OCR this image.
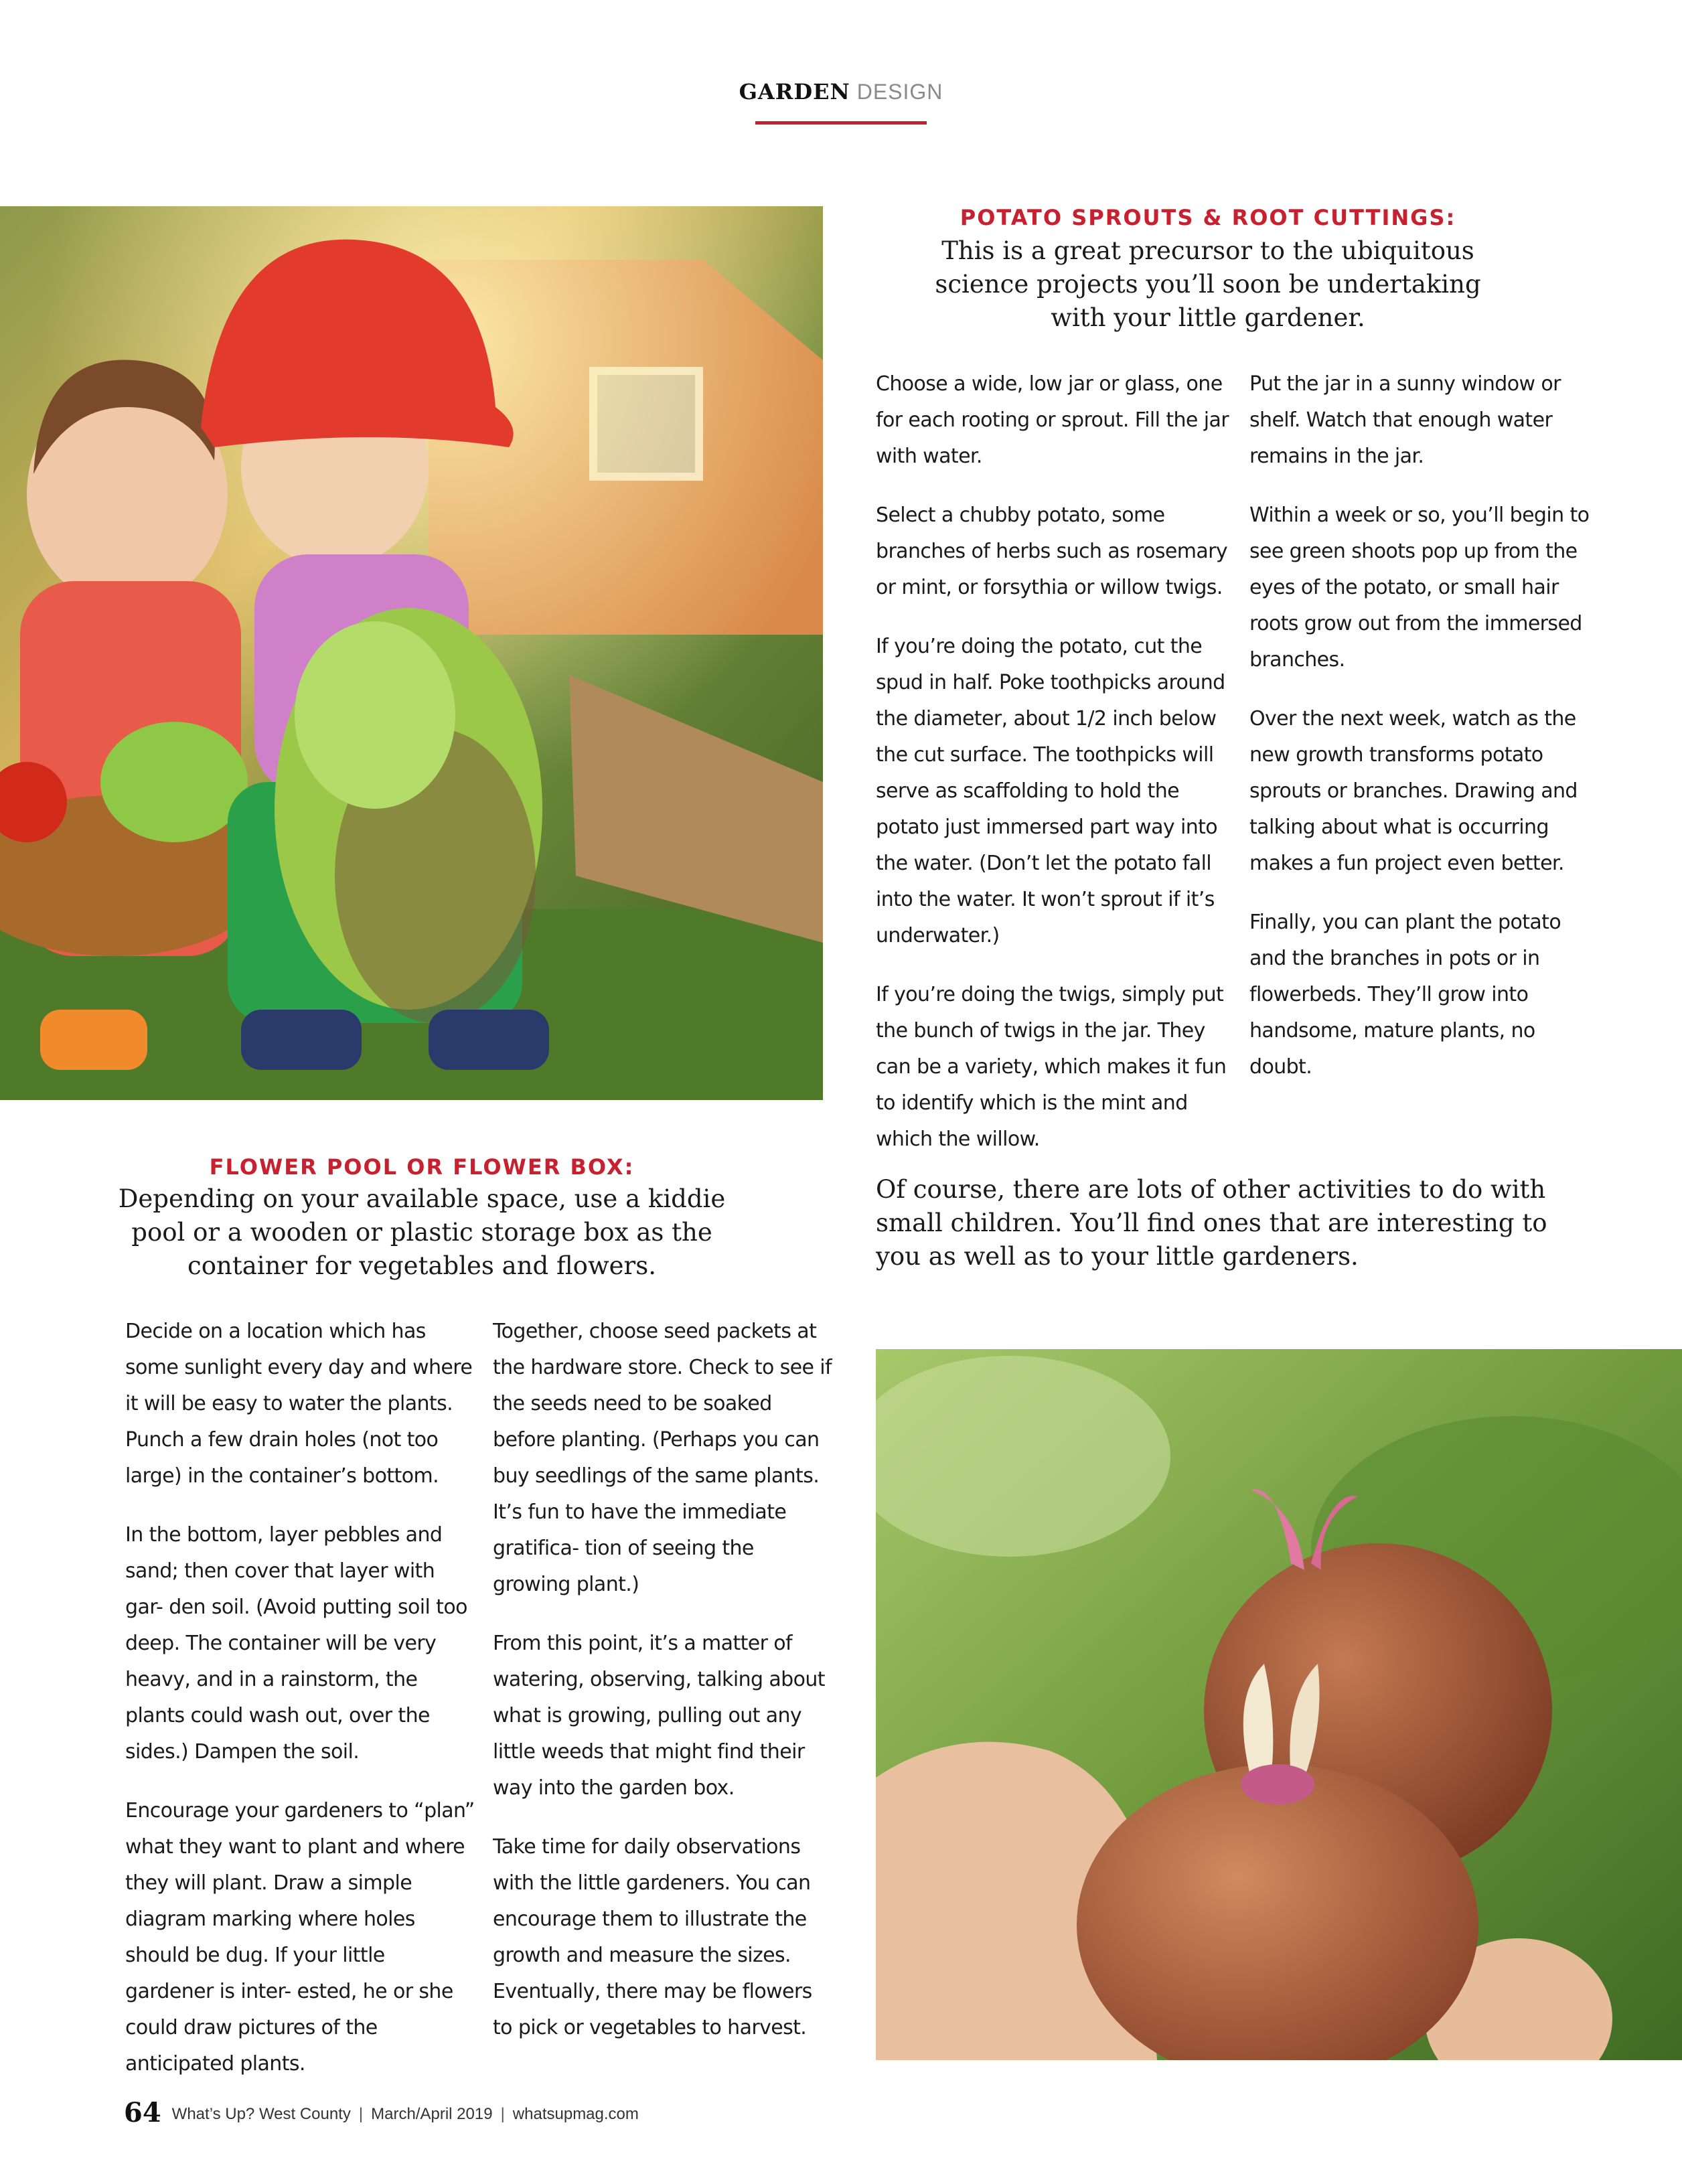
GARDEN DESIGN
POTATO SPROUTS & ROOT CUTTINGS:
This is a great precursor to the ubiquitous
science projects you’ll soon be undertaking
with your little gardener.

Choose a wide, low jar or glass, one for each rooting or sprout. Fill the jar with water.

Select a chubby potato, some branches of herbs such as rosemary or mint, or forsythia or willow twigs.

If you’re doing the potato, cut the spud in half. Poke toothpicks around the diameter, about 1/2 inch below the cut surface. The toothpicks will serve as scaffolding to hold the potato just immersed part way into the water. (Don’t let the potato fall into the water. It won’t sprout if it’s underwater.)

If you’re doing the twigs, simply put the bunch of twigs in the jar. They can be a variety, which makes it fun to identify which is the mint and which the willow.

Put the jar in a sunny window or shelf. Watch that enough water remains in the jar.

Within a week or so, you’ll begin to see green shoots pop up from the eyes of the potato, or small hair roots grow out from the immersed branches.

Over the next week, watch as the new growth transforms potato sprouts or branches. Drawing and talking about what is occurring makes a fun project even better.

Finally, you can plant the potato and the branches in pots or in flowerbeds. They’ll grow into handsome, mature plants, no doubt.

FLOWER POOL OR FLOWER BOX:
Depending on your available space, use a kiddie
pool or a wooden or plastic storage box as the
container for vegetables and flowers.

Decide on a location which has some sunlight every day and where it will be easy to water the plants. Punch a few drain holes (not too large) in the container’s bottom.

In the bottom, layer pebbles and sand; then cover that layer with gar- den soil. (Avoid putting soil too deep. The container will be very heavy, and in a rainstorm, the plants could wash out, over the sides.) Dampen the soil.

Encourage your gardeners to “plan” what they want to plant and where they will plant. Draw a simple diagram marking where holes should be dug. If your little gardener is inter- ested, he or she could draw pictures of the anticipated plants.

Together, choose seed packets at the hardware store. Check to see if the seeds need to be soaked before planting. (Perhaps you can buy seedlings of the same plants. It’s fun to have the immediate gratifica- tion of seeing the growing plant.)

From this point, it’s a matter of watering, observing, talking about what is growing, pulling out any little weeds that might find their way into the garden box.

Take time for daily observations with the little gardeners. You can encourage them to illustrate the growth and measure the sizes. Eventually, there may be flowers to pick or vegetables to harvest.

Of course, there are lots of other activities to do with
small children. You’ll find ones that are interesting to
you as well as to your little gardeners.
64 What’s Up? West County | March/April 2019 | whatsupmag.com
